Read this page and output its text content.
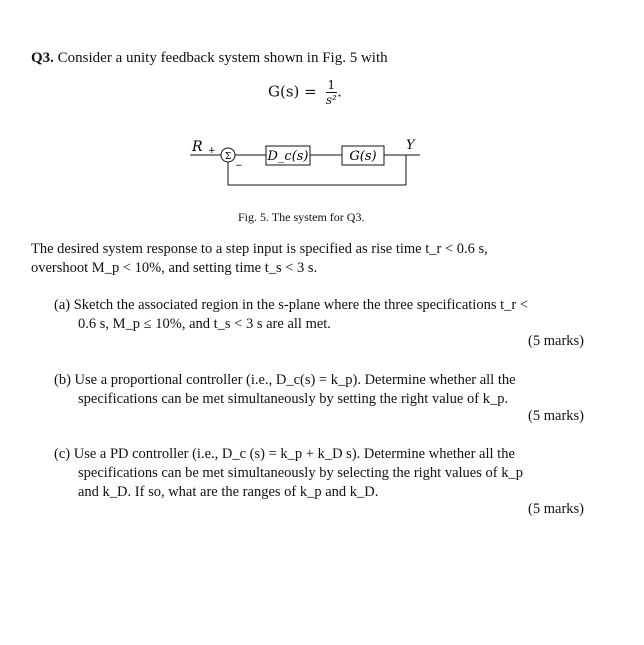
Q3. Consider a unity feedback system shown in Fig. 5 with
$G(s) = \frac{1}{\text{s²}}$ .
R +
−
Σ	D_c(s)	G(s)
Y
Fig. 5. The system for Q3.
The desired system response to a step input is specified as rise time t_r < 0.6 s,
overshoot M_p < 10%, and setting time t_s < 3 s.
(a) Sketch the associated region in the s-plane where the three specifications t_r <
0.6 s, M_p ≤ 10%, and t_s < 3 s are all met.
(5 marks)
(b) Use a proportional controller (i.e., D_c(s) = k_p). Determine whether all the
specifications can be met simultaneously by setting the right value of k_p.
(5 marks)
(c) Use a PD controller (i.e., D_c (s) = k_p + k_D s). Determine whether all the
specifications can be met simultaneously by selecting the right values of k_p
and k_D. If so, what are the ranges of k_p and k_D.
(5 marks)
